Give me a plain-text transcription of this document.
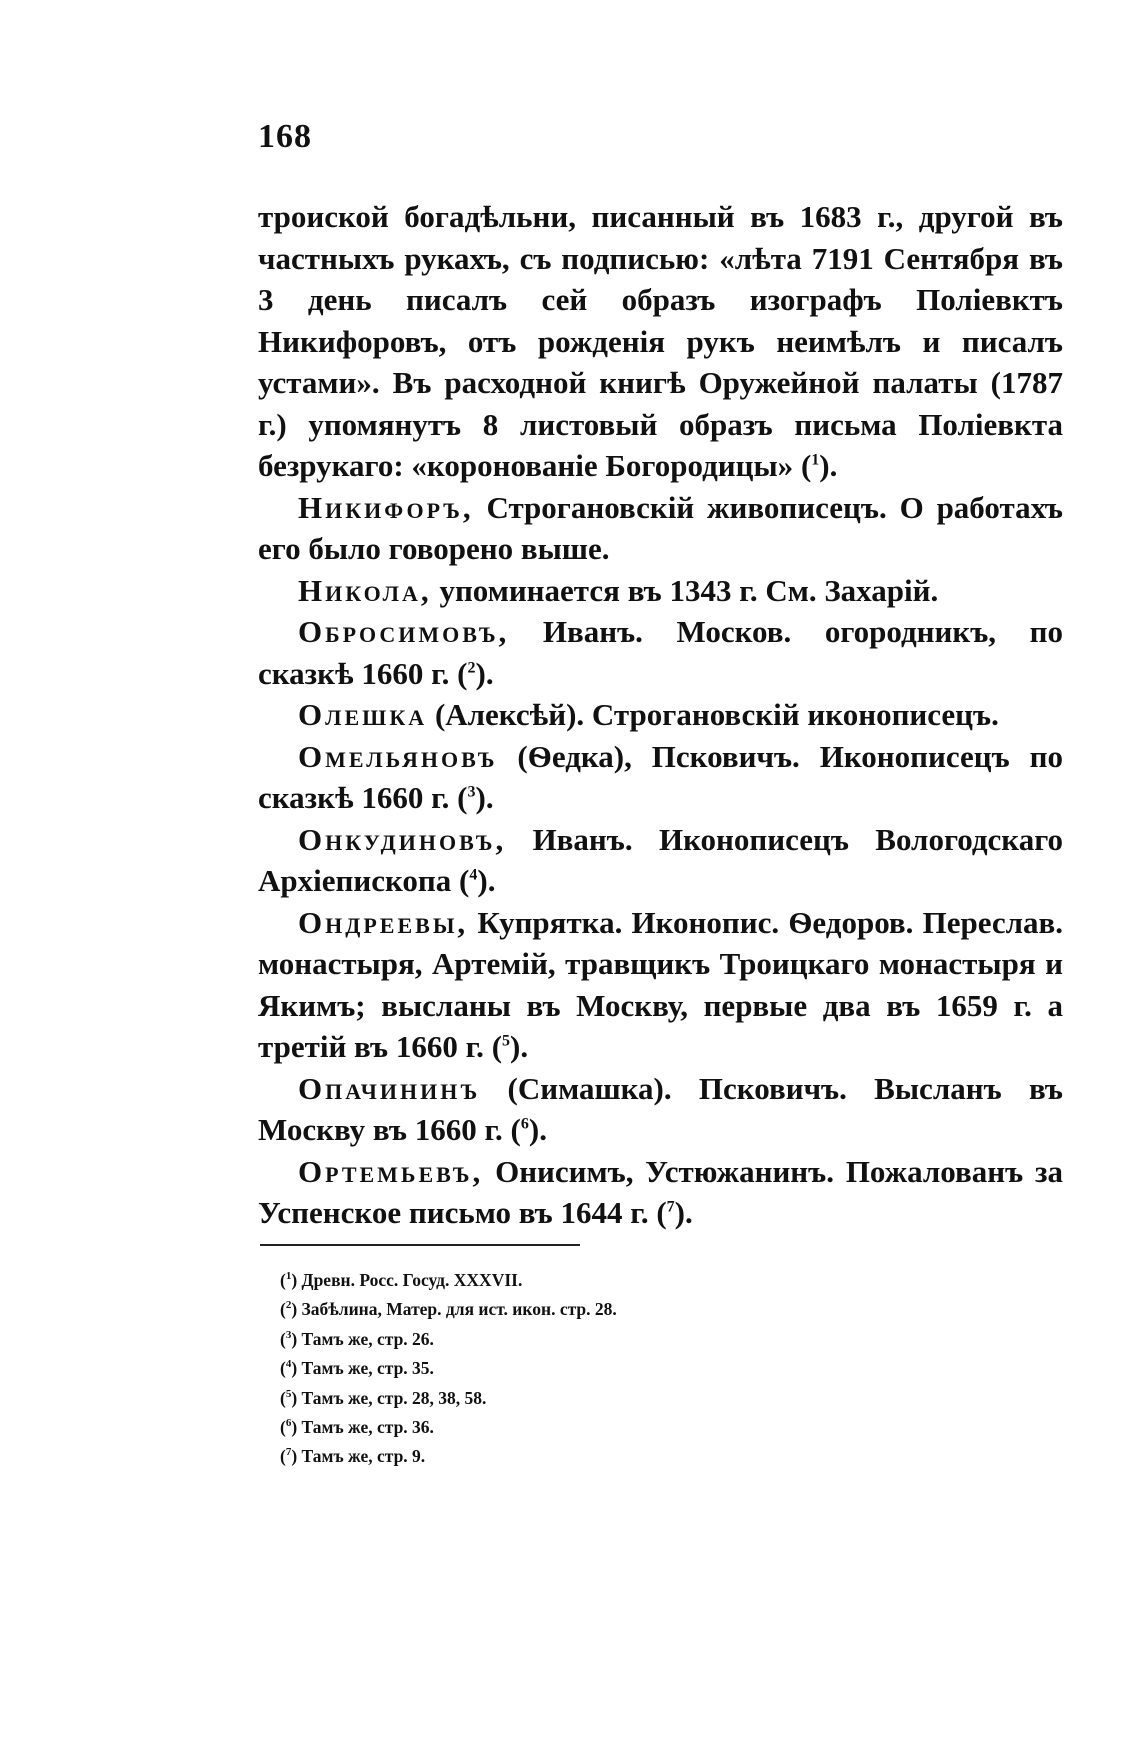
168

троиской богадѣльни, писанный въ 1683 г., другой въ частныхъ рукахъ, съ подписью: «лѣта 7191 Сентября въ 3 день писалъ сей образъ изографъ Поліевктъ Никифоровъ, отъ рожденія рукъ неимѣлъ и писалъ устами». Въ расходной книгѣ Оружейной палаты (1787 г.) упомянутъ 8 листовый образъ письма Поліевкта безрукаго: «коронованіе Богородицы» ($^1$).

Никифоръ, Строгановскій живописецъ. О работахъ его было говорено выше.

Никола, упоминается въ 1343 г. См. Захарій.

Обросимовъ, Иванъ. Москов. огородникъ, по сказкѣ 1660 г. ($^2$).

Олешка (Алексѣй). Строгановскій иконописецъ.

Омельяновъ (Ѳедка), Псковичъ. Иконописецъ по сказкѣ 1660 г. ($^3$).

Онкудиновъ, Иванъ. Иконописецъ Вологодскаго Архіепископа ($^4$).

Ондреевы, Купрятка. Иконопис. Ѳедоров. Переслав. монастыря, Артемій, травщикъ Троицкаго монастыря и Якимъ; высланы въ Москву, первые два въ 1659 г. а третій въ 1660 г. ($^5$).

Опачининъ (Симашка). Псковичъ. Высланъ въ Москву въ 1660 г. ($^6$).

Ортемьевъ, Онисимъ, Устюжанинъ. Пожалованъ за Успенское письмо въ 1644 г. ($^7$).

($^1$) Древн. Росс. Госуд. XXXVII.

($^2$) Забѣлина, Матер. для ист. икон. стр. 28.

($^3$) Тамъ же, стр. 26.

($^4$) Тамъ же, стр. 35.

($^5$) Тамъ же, стр. 28, 38, 58.

($^6$) Тамъ же, стр. 36.

($^7$) Тамъ же, стр. 9.
